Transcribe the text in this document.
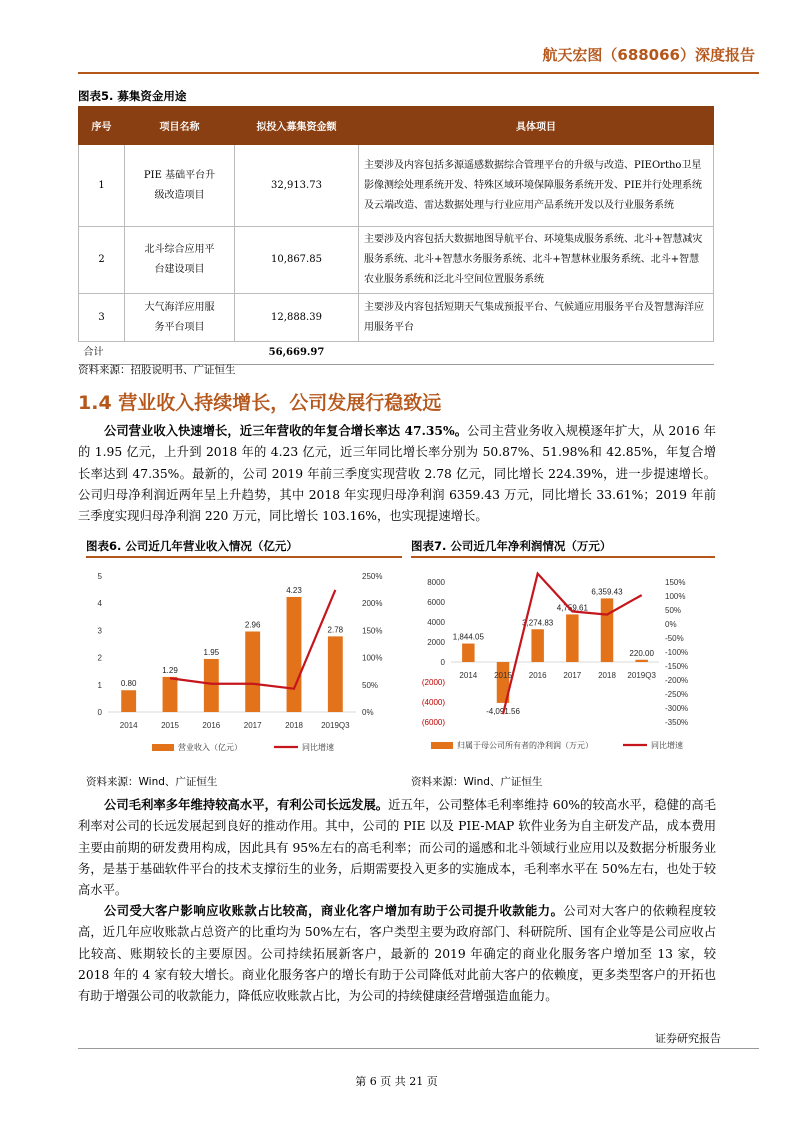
航天宏图（688066）深度报告
图表5. 募集资金用途
序号	项目名称	拟投入募集资金额	具体项目
1	PIE 基础平台升级改造项目	32,913.73	主要涉及内容包括多源遥感数据综合管理平台的升级与改造、PIEOrtho卫星影像测绘处理系统开发、特殊区域环境保障服务系统开发、PIE并行处理系统及云端改造、雷达数据处理与行业应用产品系统开发以及行业服务系统
2	北斗综合应用平台建设项目	10,867.85	主要涉及内容包括大数据地图导航平台、环境集成服务系统、北斗+智慧减灾服务系统、北斗+智慧水务服务系统、北斗+智慧林业服务系统、北斗+智慧农业服务系统和泛北斗空间位置服务系统
3	大气海洋应用服务平台项目	12,888.39	主要涉及内容包括短期天气集成预报平台、气候通应用服务平台及智慧海洋应用服务平台
合计		56,669.97	
资料来源：招股说明书、广证恒生
1.4 营业收入持续增长，公司发展行稳致远
公司营业收入快速增长，近三年营收的年复合增长率达 47.35%。公司主营业务收入规模逐年扩大，从 2016 年的 1.95 亿元，上升到 2018 年的 4.23 亿元，近三年同比增长率分别为 50.87%、51.98%和 42.85%，年复合增长率达到 47.35%。最新的，公司 2019 年前三季度实现营收 2.78 亿元，同比增长 224.39%，进一步提速增长。公司归母净利润近两年呈上升趋势，其中 2018 年实现归母净利润 6359.43 万元，同比增长 33.61%；2019 年前三季度实现归母净利润 220 万元，同比增长 103.16%，也实现提速增长。
图表6. 公司近几年营业收入情况（亿元）	图表7. 公司近几年净利润情况（万元）
0
1
2
3
4
5
0%
50%
100%
150%
200%
250%
0.80
1.29
1.95
2.96
4.23
2.78
2014	2015	2016	2017	2018 2019Q3
营业收入（亿元）	同比增速
(6000)
(4000)
(2000)
0
2000
4000
6000
8000
-350%
-300%
-250%
-200%
-150%
-100%
-50%
0%
50%
100%
150%
1,844.05
-4,091.56
3,274.83
4,759.61
6,359.43
220.00
2014 2015 2016 2017 2018 2019Q3
归属于母公司所有者的净利润（万元）	同比增速
资料来源：Wind、广证恒生	资料来源：Wind、广证恒生
公司毛利率多年维持较高水平，有利公司长远发展。近五年，公司整体毛利率维持 60%的较高水平，稳健的高毛利率对公司的长远发展起到良好的推动作用。其中，公司的 PIE 以及 PIE-MAP 软件业务为自主研发产品，成本费用主要由前期的研发费用构成，因此具有 95%左右的高毛利率；而公司的遥感和北斗领域行业应用以及数据分析服务业务，是基于基础软件平台的技术支撑衍生的业务，后期需要投入更多的实施成本，毛利率水平在 50%左右，也处于较高水平。
公司受大客户影响应收账款占比较高，商业化客户增加有助于公司提升收款能力。公司对大客户的依赖程度较高，近几年应收账款占总资产的比重均为 50%左右，客户类型主要为政府部门、科研院所、国有企业等是公司应收占比较高、账期较长的主要原因。公司持续拓展新客户，最新的 2019 年确定的商业化服务客户增加至 13 家，较 2018 年的 4 家有较大增长。商业化服务客户的增长有助于公司降低对此前大客户的依赖度，更多类型客户的开拓也有助于增强公司的收款能力，降低应收账款占比，为公司的持续健康经营增强造血能力。
证券研究报告
第 6 页 共 21 页
